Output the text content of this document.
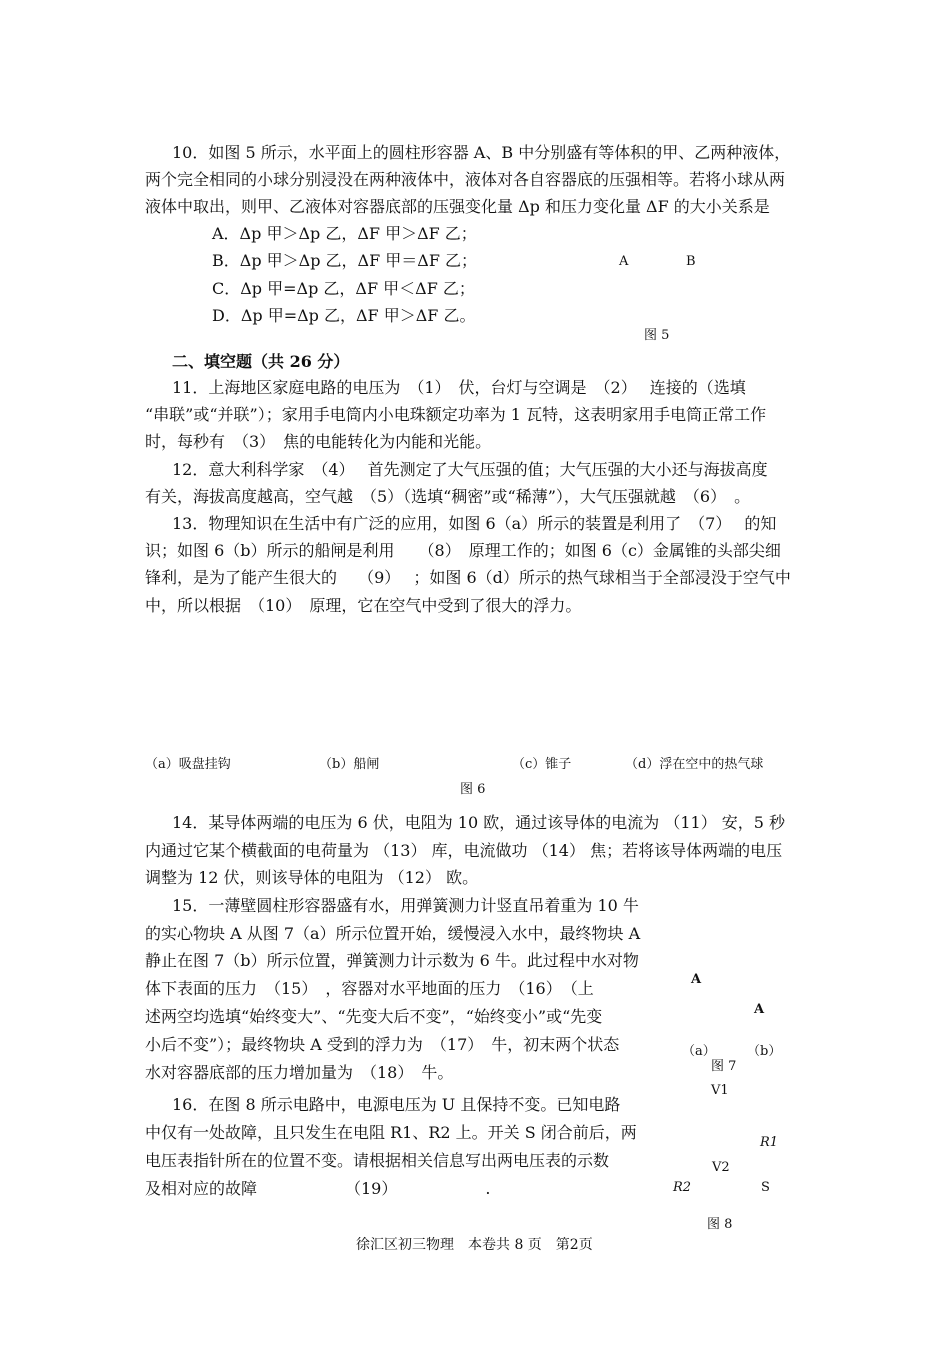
10．如图 5 所示，水平面上的圆柱形容器 A、B 中分别盛有等体积的甲、乙两种液体，
两个完全相同的小球分别浸没在两种液体中，液体对各自容器底的压强相等。若将小球从两
液体中取出，则甲、乙液体对容器底部的压强变化量 Δp 和压力变化量 ΔF 的大小关系是
A．Δp 甲＞Δp 乙，ΔF 甲＞ΔF 乙；
B．Δp 甲＞Δp 乙，ΔF 甲＝ΔF 乙；
C．Δp 甲=Δp 乙，ΔF 甲＜ΔF 乙；
D．Δp 甲=Δp 乙，ΔF 甲＞ΔF 乙。
A	B
图 5
二、填空题（共 26 分）
11．上海地区家庭电路的电压为　（1）　伏，台灯与空调是　（2）　 连接的（选填
“串联”或“并联”）；家用手电筒内小电珠额定功率为 1 瓦特，这表明家用手电筒正常工作
时，每秒有　（3）　焦的电能转化为内能和光能。
12．意大利科学家　（4）　 首先测定了大气压强的值；大气压强的大小还与海拔高度
有关，海拔高度越高，空气越　（5）（选填“稠密”或“稀薄”），大气压强就越　（6）　。
13．物理知识在生活中有广泛的应用，如图 6（a）所示的装置是利用了　（7）　 的知
识；如图 6（b）所示的船闸是利用　　（8）　原理工作的；如图 6（c）金属锥的头部尖细
锋利，是为了能产生很大的　 （9）　 ；如图 6（d）所示的热气球相当于全部浸没于空气中
中，所以根据　（10）　原理，它在空气中受到了很大的浮力。
（a）吸盘挂钩	（b）船闸	（c）锥子	（d）浮在空中的热气球
图 6
14．某导体两端的电压为 6 伏，电阻为 10 欧，通过该导体的电流为 （11） 安，5 秒
内通过它某个横截面的电荷量为 （13） 库，电流做功 （14） 焦；若将该导体两端的电压
调整为 12 伏，则该导体的电阻为 （12） 欧。
15．一薄壁圆柱形容器盛有水，用弹簧测力计竖直吊着重为 10 牛
的实心物块 A 从图 7（a）所示位置开始，缓慢浸入水中，最终物块 A
静止在图 7（b）所示位置，弹簧测力计示数为 6 牛。此过程中水对物
体下表面的压力　（15）　，容器对水平地面的压力　（16）　（上
述两空均选填“始终变大”、“先变大后不变”，“始终变小”或“先变
小后不变”）；最终物块 A 受到的浮力为　（17）　牛，初末两个状态
水对容器底部的压力增加量为　（18）　牛。
A
A
（a） （b）
图 7
16．在图 8 所示电路中，电源电压为 U 且保持不变。已知电路
中仅有一处故障，且只发生在电阻 R1、R2 上。开关 S 闭合前后，两
电压表指针所在的位置不变。请根据相关信息写出两电压表的示数
及相对应的故障　　　　　　（19）　　　　　　.
V1
R1
V2
R2	S
图 8
徐汇区初三物理　本卷共 8 页　第2页
